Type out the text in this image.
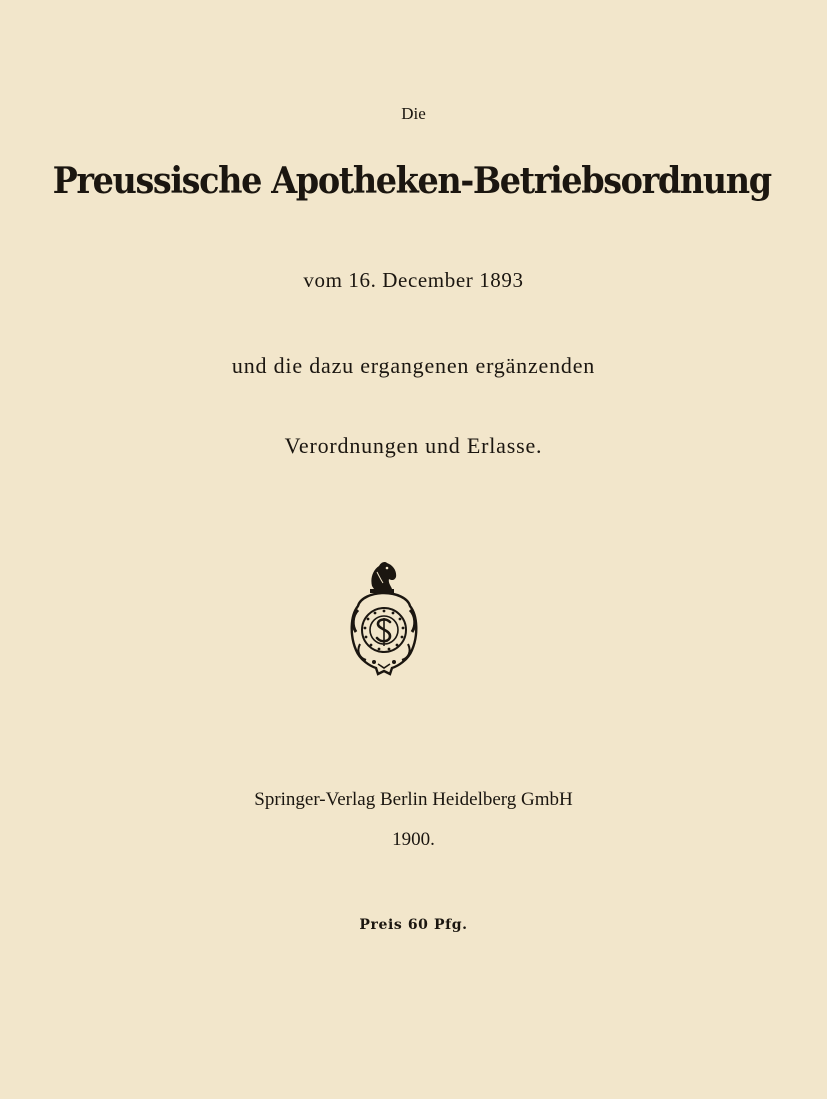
Die

Preussische Apotheken-Betriebsordnung

vom 16. December 1893

und die dazu ergangenen ergänzenden

Verordnungen und Erlasse.

Springer-Verlag Berlin Heidelberg GmbH

1900.

Preis 60 Pfg.
